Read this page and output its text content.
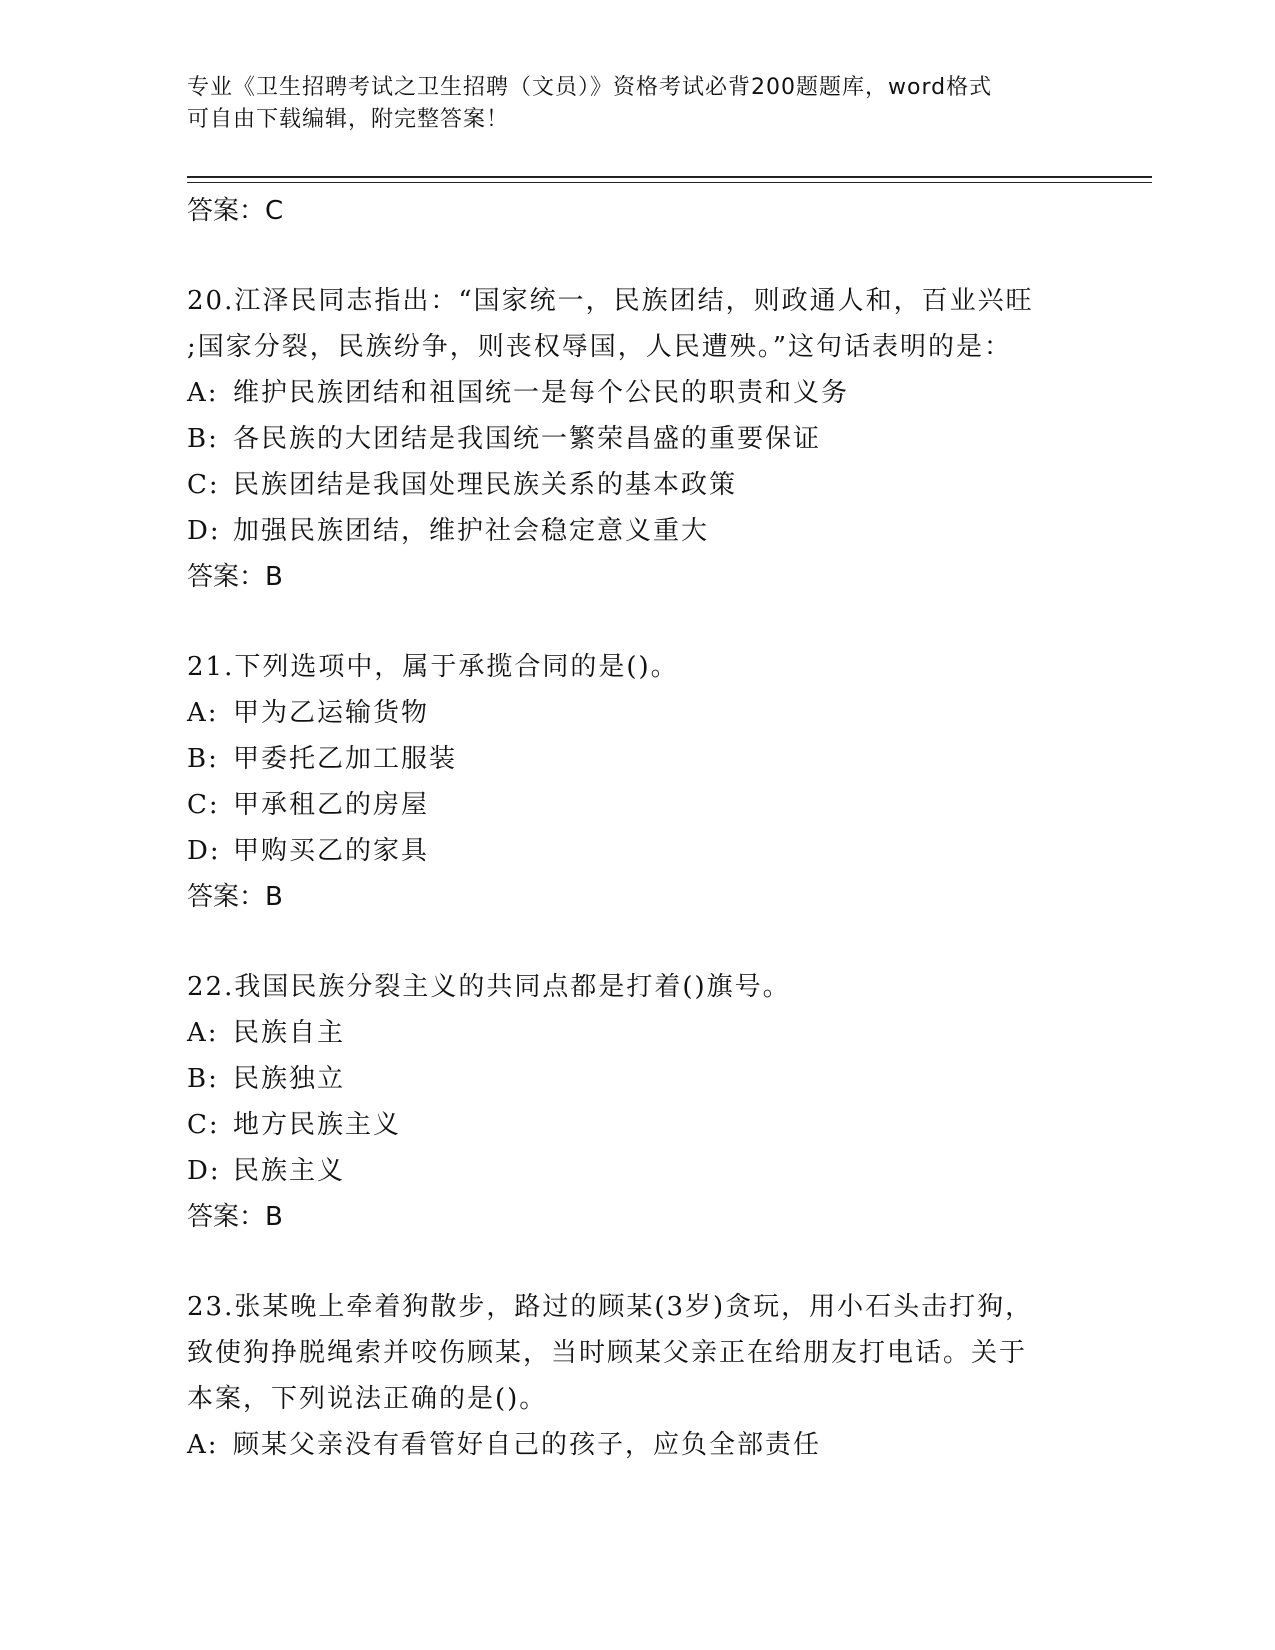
专业《卫生招聘考试之卫生招聘（文员）》资格考试必背200题题库，word格式
可自由下载编辑，附完整答案！
答案：C
20.江泽民同志指出：“国家统一，民族团结，则政通人和，百业兴旺
;国家分裂，民族纷争，则丧权辱国，人民遭殃。”这句话表明的是：
A: 维护民族团结和祖国统一是每个公民的职责和义务
B: 各民族的大团结是我国统一繁荣昌盛的重要保证
C: 民族团结是我国处理民族关系的基本政策
D: 加强民族团结，维护社会稳定意义重大
答案：B
21.下列选项中，属于承揽合同的是()。
A: 甲为乙运输货物
B: 甲委托乙加工服装
C: 甲承租乙的房屋
D: 甲购买乙的家具
答案：B
22.我国民族分裂主义的共同点都是打着()旗号。
A: 民族自主
B: 民族独立
C: 地方民族主义
D: 民族主义
答案：B
23.张某晚上牵着狗散步，路过的顾某(3岁)贪玩，用小石头击打狗，
致使狗挣脱绳索并咬伤顾某，当时顾某父亲正在给朋友打电话。关于
本案，下列说法正确的是()。
A: 顾某父亲没有看管好自己的孩子，应负全部责任
